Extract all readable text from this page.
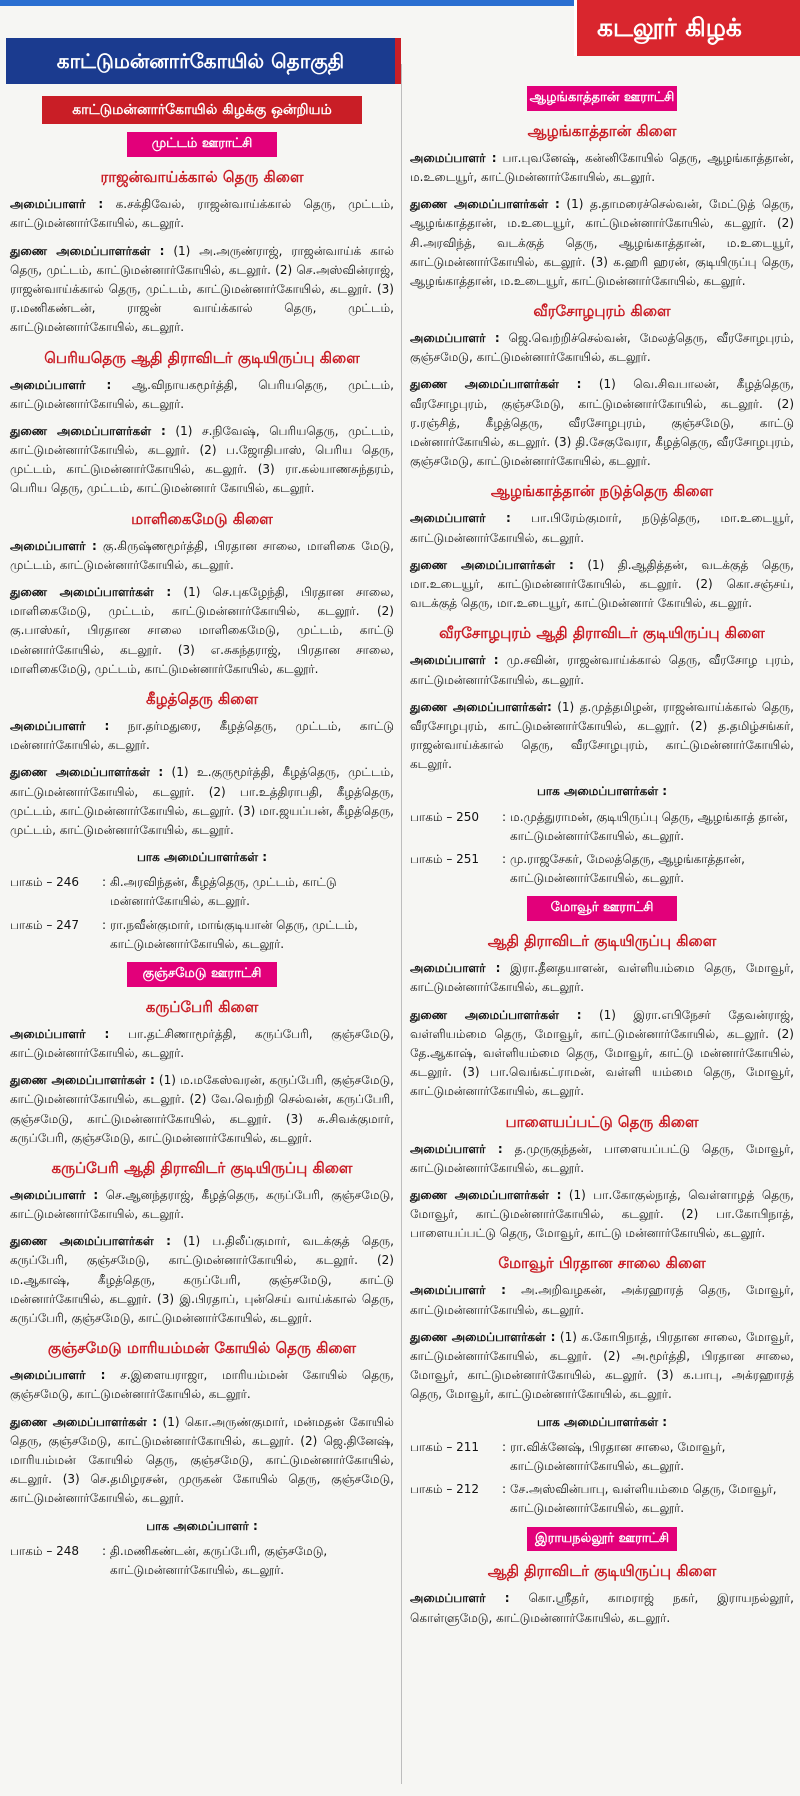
கடலூர் கிழக்
காட்டுமன்னார்கோயில் தொகுதி
காட்டுமன்னார்கோயில் கிழக்கு ஒன்றியம்
முட்டம் ஊராட்சி
ராஜன்வாய்க்கால் தெரு கிளை

அமைப்பாளர் : க.சக்திவேல், ராஜன்வாய்க்கால் தெரு, முட்டம், காட்டுமன்னார்கோயில், கடலூர்.

துணை அமைப்பாளர்கள் : (1) அ.அருண்ராஜ், ராஜன்வாய்க் கால் தெரு, முட்டம், காட்டுமன்னார்கோயில், கடலூர். (2) செ.அஸ்வின்ராஜ், ராஜன்வாய்க்கால் தெரு, முட்டம், காட்டுமன்னார்கோயில், கடலூர். (3) ர.மணிகண்டன், ராஜன் வாய்க்கால் தெரு, முட்டம், காட்டுமன்னார்கோயில், கடலூர்.

பெரியதெரு ஆதி திராவிடர் குடியிருப்பு கிளை

அமைப்பாளர் : ஆ.விநாயகமூர்த்தி, பெரியதெரு, முட்டம், காட்டுமன்னார்கோயில், கடலூர்.

துணை அமைப்பாளர்கள் : (1) ச.நிவேஷ், பெரியதெரு, முட்டம், காட்டுமன்னார்கோயில், கடலூர். (2) ப.ஜோதிபாஸ், பெரிய தெரு, முட்டம், காட்டுமன்னார்கோயில், கடலூர். (3) ரா.கல்யாணசுந்தரம், பெரிய தெரு, முட்டம், காட்டுமன்னார் கோயில், கடலூர்.

மாளிகைமேடு கிளை

அமைப்பாளர் : கு.கிருஷ்ணமூர்த்தி, பிரதான சாலை, மாளிகை மேடு, முட்டம், காட்டுமன்னார்கோயில், கடலூர்.

துணை அமைப்பாளர்கள் : (1) செ.புகழேந்தி, பிரதான சாலை, மாளிகைமேடு, முட்டம், காட்டுமன்னார்கோயில், கடலூர். (2) கு.பாஸ்கர், பிரதான சாலை மாளிகைமேடு, முட்டம், காட்டு மன்னார்கோயில், கடலூர். (3) எ.சுகந்தராஜ், பிரதான சாலை, மாளிகைமேடு, முட்டம், காட்டுமன்னார்கோயில், கடலூர்.

கீழத்தெரு கிளை

அமைப்பாளர் : நா.தர்மதுரை, கீழத்தெரு, முட்டம், காட்டு மன்னார்கோயில், கடலூர்.

துணை அமைப்பாளர்கள் : (1) உ.குருமூர்த்தி, கீழத்தெரு, முட்டம், காட்டுமன்னார்கோயில், கடலூர். (2) பா.உத்திராபதி, கீழத்தெரு, முட்டம், காட்டுமன்னார்கோயில், கடலூர். (3) மா.ஜயப்பன், கீழத்தெரு, முட்டம், காட்டுமன்னார்கோயில், கடலூர்.

பாக அமைப்பாளர்கள் :
பாகம் – 246	: கி.அரவிந்தன், கீழத்தெரு, முட்டம், காட்டு மன்னார்கோயில், கடலூர்.
பாகம் – 247	: ரா.நவீன்குமார், மாங்குடியான் தெரு, முட்டம், காட்டுமன்னார்கோயில், கடலூர்.
குஞ்சமேடு ஊராட்சி
கருப்பேரி கிளை

அமைப்பாளர் : பா.தட்சிணாமூர்த்தி, கருப்பேரி, குஞ்சமேடு, காட்டுமன்னார்கோயில், கடலூர்.

துணை அமைப்பாளர்கள் : (1) ம.மகேஸ்வரன், கருப்பேரி, குஞ்சமேடு, காட்டுமன்னார்கோயில், கடலூர். (2) வே.வெற்றி செல்வன், கருப்பேரி, குஞ்சமேடு, காட்டுமன்னார்கோயில், கடலூர். (3) சு.சிவக்குமார், கருப்பேரி, குஞ்சமேடு, காட்டுமன்னார்கோயில், கடலூர்.

கருப்பேரி ஆதி திராவிடர் குடியிருப்பு கிளை

அமைப்பாளர் : செ.ஆனந்தராஜ், கீழத்தெரு, கருப்பேரி, குஞ்சமேடு, காட்டுமன்னார்கோயில், கடலூர்.

துணை அமைப்பாளர்கள் : (1) ப.திலீப்குமார், வடக்குத் தெரு, கருப்பேரி, குஞ்சமேடு, காட்டுமன்னார்கோயில், கடலூர். (2) ம.ஆகாஷ், கீழத்தெரு, கருப்பேரி, குஞ்சமேடு, காட்டு மன்னார்கோயில், கடலூர். (3) இ.பிரதாப், புன்செய் வாய்க்கால் தெரு, கருப்பேரி, குஞ்சமேடு, காட்டுமன்னார்கோயில், கடலூர்.

குஞ்சமேடு மாரியம்மன் கோயில் தெரு கிளை

அமைப்பாளர் : ச.இளையராஜா, மாரியம்மன் கோயில் தெரு, குஞ்சமேடு, காட்டுமன்னார்கோயில், கடலூர்.

துணை அமைப்பாளர்கள் : (1) கொ.அருண்குமார், மன்மதன் கோயில் தெரு, குஞ்சமேடு, காட்டுமன்னார்கோயில், கடலூர். (2) ஜெ.தினேஷ், மாரியம்மன் கோயில் தெரு, குஞ்சமேடு, காட்டுமன்னார்கோயில், கடலூர். (3) செ.தமிழரசன், முருகன் கோயில் தெரு, குஞ்சமேடு, காட்டுமன்னார்கோயில், கடலூர்.

பாக அமைப்பாளர் :
பாகம் – 248	: தி.மணிகண்டன், கருப்பேரி, குஞ்சமேடு, காட்டுமன்னார்கோயில், கடலூர்.
ஆழங்காத்தான் ஊராட்சி
ஆழங்காத்தான் கிளை

அமைப்பாளர் : பா.புவனேஷ், கன்னிகோயில் தெரு, ஆழங்காத்தான், ம.உடையூர், காட்டுமன்னார்கோயில், கடலூர்.

துணை அமைப்பாளர்கள் : (1) த.தாமரைச்செல்வன், மேட்டுத் தெரு, ஆழங்காத்தான், ம.உடையூர், காட்டுமன்னார்கோயில், கடலூர். (2) சி.அரவிந்த், வடக்குத் தெரு, ஆழங்காத்தான், ம.உடையூர், காட்டுமன்னார்கோயில், கடலூர். (3) க.ஹரி ஹரன், குடியிருப்பு தெரு, ஆழங்காத்தான், ம.உடையூர், காட்டுமன்னார்கோயில், கடலூர்.

வீரசோழபுரம் கிளை

அமைப்பாளர் : ஜெ.வெற்றிச்செல்வன், மேலத்தெரு, வீரசோழபுரம், குஞ்சமேடு, காட்டுமன்னார்கோயில், கடலூர்.

துணை அமைப்பாளர்கள் : (1) வெ.சிவபாலன், கீழத்தெரு, வீரசோழபுரம், குஞ்சமேடு, காட்டுமன்னார்கோயில், கடலூர். (2) ர.ரஞ்சித், கீழத்தெரு, வீரசோழபுரம், குஞ்சமேடு, காட்டு மன்னார்கோயில், கடலூர். (3) தி.சேகுவேரா, கீழத்தெரு, வீரசோழபுரம், குஞ்சமேடு, காட்டுமன்னார்கோயில், கடலூர்.

ஆழங்காத்தான் நடுத்தெரு கிளை

அமைப்பாளர் : பா.பிரேம்குமார், நடுத்தெரு, மா.உடையூர், காட்டுமன்னார்கோயில், கடலூர்.

துணை அமைப்பாளர்கள் : (1) தி.ஆதித்தன், வடக்குத் தெரு, மா.உடையூர், காட்டுமன்னார்கோயில், கடலூர். (2) கொ.சஞ்சய், வடக்குத் தெரு, மா.உடையூர், காட்டுமன்னார் கோயில், கடலூர்.

வீரசோழபுரம் ஆதி திராவிடர் குடியிருப்பு கிளை

அமைப்பாளர் : மு.சவின், ராஜன்வாய்க்கால் தெரு, வீரசோழ புரம், காட்டுமன்னார்கோயில், கடலூர்.

துணை அமைப்பாளர்கள்: (1) த.முத்தமிழன், ராஜன்வாய்க்கால் தெரு, வீரசோழபுரம், காட்டுமன்னார்கோயில், கடலூர். (2) த.தமிழ்சங்கர், ராஜன்வாய்க்கால் தெரு, வீரசோழபுரம், காட்டுமன்னார்கோயில், கடலூர்.

பாக அமைப்பாளர்கள் :
பாகம் – 250	: ம.முத்துராமன், குடியிருப்பு தெரு, ஆழங்காத் தான், காட்டுமன்னார்கோயில், கடலூர்.
பாகம் – 251	: மு.ராஜசேகர், மேலத்தெரு, ஆழங்காத்தான், காட்டுமன்னார்கோயில், கடலூர்.
மோவூர் ஊராட்சி
ஆதி திராவிடர் குடியிருப்பு கிளை

அமைப்பாளர் : இரா.தீனதயாளன், வள்ளியம்மை தெரு, மோவூர், காட்டுமன்னார்கோயில், கடலூர்.

துணை அமைப்பாளர்கள் : (1) இரா.எபிநேசர் தேவன்ராஜ், வள்ளியம்மை தெரு, மோவூர், காட்டுமன்னார்கோயில், கடலூர். (2) தே.ஆகாஷ், வள்ளியம்மை தெரு, மோவூர், காட்டு மன்னார்கோயில், கடலூர். (3) பா.வெங்கட்ராமன், வள்ளி யம்மை தெரு, மோவூர், காட்டுமன்னார்கோயில், கடலூர்.

பாளையப்பட்டு தெரு கிளை

அமைப்பாளர் : த.முருகுந்தன், பாளையப்பட்டு தெரு, மோவூர், காட்டுமன்னார்கோயில், கடலூர்.

துணை அமைப்பாளர்கள் : (1) பா.கோகுல்நாத், வெள்ளாழத் தெரு, மோவூர், காட்டுமன்னார்கோயில், கடலூர். (2) பா.கோபிநாத், பாளையப்பட்டு தெரு, மோவூர், காட்டு மன்னார்கோயில், கடலூர்.

மோவூர் பிரதான சாலை கிளை

அமைப்பாளர் : அ.அறிவழகன், அக்ரஹாரத் தெரு, மோவூர், காட்டுமன்னார்கோயில், கடலூர்.

துணை அமைப்பாளர்கள் : (1) க.கோபிநாத், பிரதான சாலை, மோவூர், காட்டுமன்னார்கோயில், கடலூர். (2) அ.மூர்த்தி, பிரதான சாலை, மோவூர், காட்டுமன்னார்கோயில், கடலூர். (3) க.பாபு, அக்ரஹாரத் தெரு, மோவூர், காட்டுமன்னார்கோயில், கடலூர்.

பாக அமைப்பாளர்கள் :
பாகம் – 211	: ரா.விக்னேஷ், பிரதான சாலை, மோவூர், காட்டுமன்னார்கோயில், கடலூர்.
பாகம் – 212	: சே.அஸ்வின்பாபு, வள்ளியம்மை தெரு, மோவூர், காட்டுமன்னார்கோயில், கடலூர்.
இராயநல்லூர் ஊராட்சி
ஆதி திராவிடர் குடியிருப்பு கிளை

அமைப்பாளர் : கொ.ஸ்ரீதர், காமராஜ் நகர், இராயநல்லூர், கொள்ளுமேடு, காட்டுமன்னார்கோயில், கடலூர்.
